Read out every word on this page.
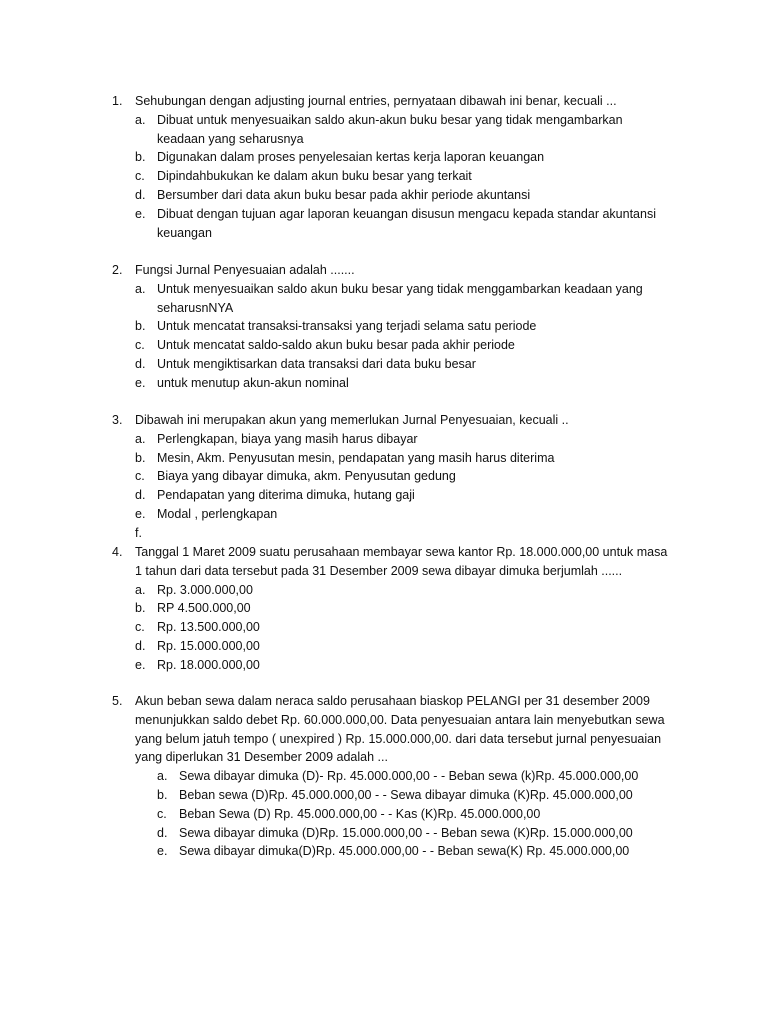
1.	Sehubungan dengan adjusting journal entries, pernyataan dibawah ini benar, kecuali ...
a. Dibuat untuk menyesuaikan saldo akun-akun buku besar yang tidak mengambarkan keadaan yang seharusnya
b. Digunakan dalam proses penyelesaian kertas kerja laporan keuangan
c. Dipindahbukukan ke dalam akun buku besar yang terkait
d. Bersumber dari data akun buku besar pada akhir periode akuntansi
e. Dibuat dengan tujuan agar laporan keuangan disusun mengacu kepada standar akuntansi keuangan
2.	Fungsi Jurnal Penyesuaian adalah .......
a. Untuk menyesuaikan saldo akun buku besar yang tidak menggambarkan keadaan yang seharusnNYA
b. Untuk mencatat transaksi-transaksi yang terjadi selama satu periode
c. Untuk mencatat saldo-saldo akun buku besar pada akhir periode
d. Untuk mengiktisarkan data transaksi dari data buku besar
e. untuk menutup akun-akun nominal
3.	Dibawah ini merupakan akun yang memerlukan Jurnal Penyesuaian, kecuali ..
a. Perlengkapan, biaya yang masih harus dibayar
b. Mesin, Akm. Penyusutan mesin, pendapatan yang masih harus diterima
c. Biaya yang dibayar dimuka, akm. Penyusutan gedung
d. Pendapatan yang diterima dimuka, hutang gaji
e. Modal , perlengkapan
f.
4.	Tanggal 1 Maret 2009 suatu perusahaan membayar sewa kantor Rp. 18.000.000,00 untuk masa 1 tahun dari data tersebut pada 31 Desember 2009 sewa dibayar dimuka berjumlah ......
a. Rp. 3.000.000,00
b. RP 4.500.000,00
c. Rp. 13.500.000,00
d. Rp. 15.000.000,00
e. Rp. 18.000.000,00
5.	Akun beban sewa dalam neraca saldo perusahaan biaskop PELANGI per 31 desember 2009 menunjukkan saldo debet Rp. 60.000.000,00. Data penyesuaian antara lain menyebutkan sewa yang belum jatuh tempo ( unexpired ) Rp. 15.000.000,00. dari data tersebut jurnal penyesuaian yang diperlukan 31 Desember 2009 adalah ...
a. Sewa dibayar dimuka (D)- Rp. 45.000.000,00 - - Beban sewa (k)Rp. 45.000.000,00
b. Beban sewa (D)Rp. 45.000.000,00 - - Sewa dibayar dimuka (K)Rp. 45.000.000,00
c. Beban Sewa (D) Rp. 45.000.000,00 - - Kas (K)Rp. 45.000.000,00
d. Sewa dibayar dimuka (D)Rp. 15.000.000,00 - - Beban sewa (K)Rp. 15.000.000,00
e. Sewa dibayar dimuka(D)Rp. 45.000.000,00 - - Beban sewa(K) Rp. 45.000.000,00
